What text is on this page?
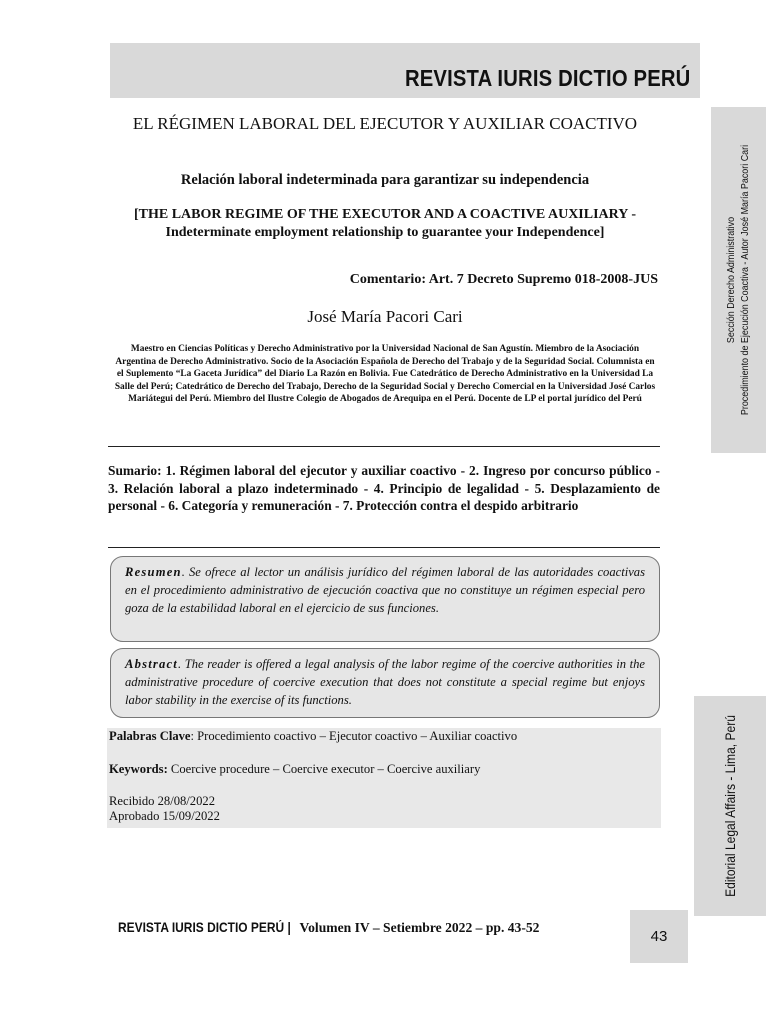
REVISTA IURIS DICTIO PERÚ
EL RÉGIMEN LABORAL DEL EJECUTOR Y AUXILIAR COACTIVO

Relación laboral indeterminada para garantizar su independencia

[THE LABOR REGIME OF THE EXECUTOR AND A COACTIVE AUXILIARY - Indeterminate employment relationship to guarantee your Independence]

Comentario: Art. 7 Decreto Supremo 018-2008-JUS

José María Pacori Cari

Maestro en Ciencias Políticas y Derecho Administrativo por la Universidad Nacional de San Agustín. Miembro de la Asociación Argentina de Derecho Administrativo. Socio de la Asociación Española de Derecho del Trabajo y de la Seguridad Social. Columnista en el Suplemento “La Gaceta Jurídica” del Diario La Razón en Bolivia. Fue Catedrático de Derecho Administrativo en la Universidad La Salle del Perú; Catedrático de Derecho del Trabajo, Derecho de la Seguridad Social y Derecho Comercial en la Universidad José Carlos Mariátegui del Perú. Miembro del Ilustre Colegio de Abogados de Arequipa en el Perú. Docente de LP el portal jurídico del Perú

Sumario: 1. Régimen laboral del ejecutor y auxiliar coactivo - 2. Ingreso por concurso público - 3. Relación laboral a plazo indeterminado - 4. Principio de legalidad - 5. Desplazamiento de personal - 6. Categoría y remuneración - 7. Protección contra el despido arbitrario

Resumen. Se ofrece al lector un análisis jurídico del régimen laboral de las autoridades coactivas en el procedimiento administrativo de ejecución coactiva que no constituye un régimen especial pero goza de la estabilidad laboral en el ejercicio de sus funciones.
Abstract. The reader is offered a legal analysis of the labor regime of the coercive authorities in the administrative procedure of coercive execution that does not constitute a special regime but enjoys labor stability in the exercise of its functions.

Palabras Clave: Procedimiento coactivo – Ejecutor coactivo – Auxiliar coactivo

Keywords: Coercive procedure – Coercive executor – Coercive auxiliary

Recibido 28/08/2022

Aprobado 15/09/2022

Sección Derecho Administrativo Procedimiento de Ejecución Coactiva - Autor José María Pacori Cari
Editorial Legal Affairs - Lima, Perú

REVISTA IURIS DICTIO PERÚ | Volumen IV – Setiembre 2022 – pp. 43-52

43
